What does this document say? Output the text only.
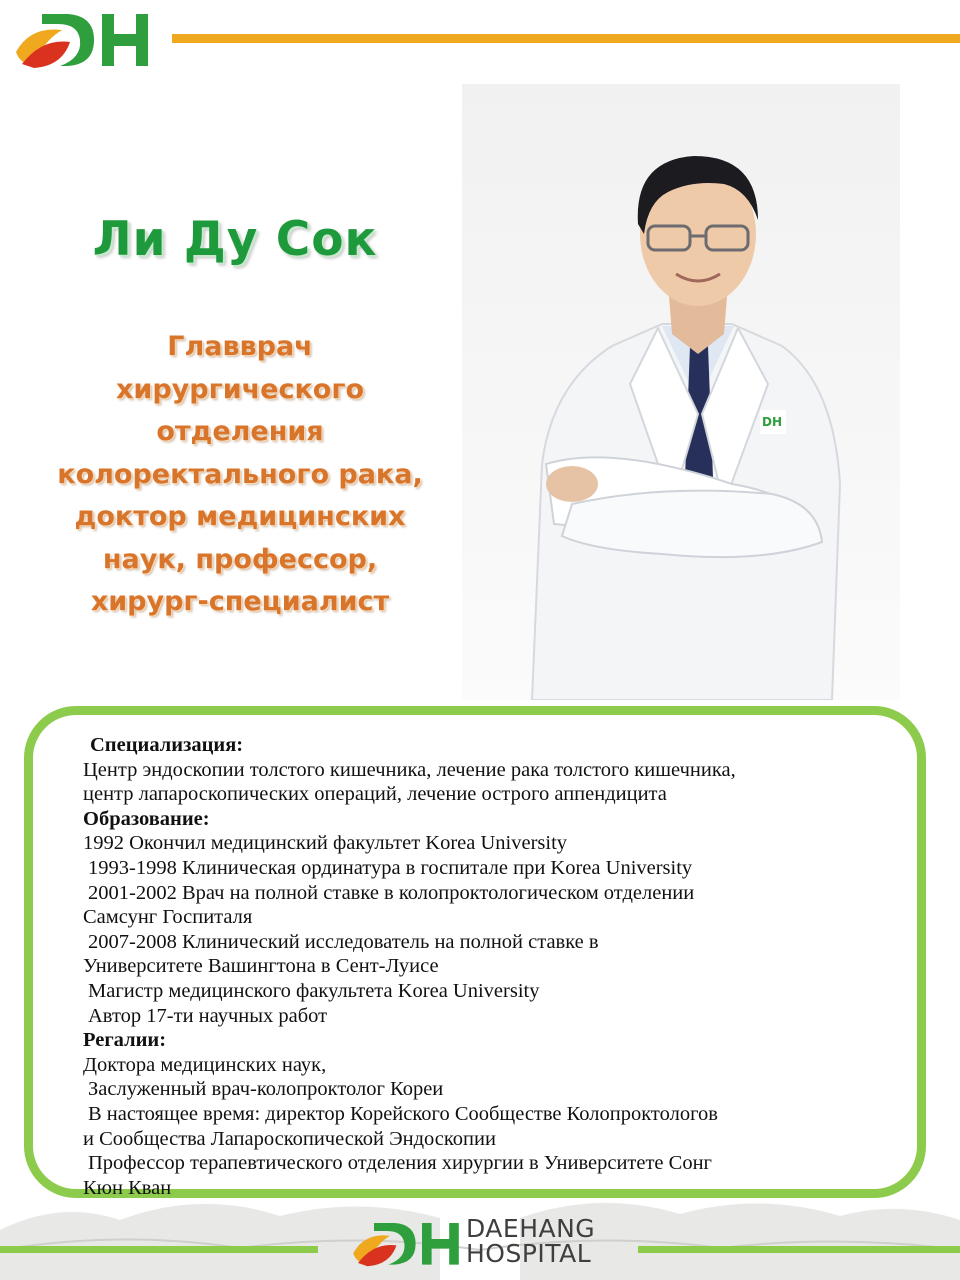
DH
DH
Ли Ду Сок
Главврач
хирургического
отделения
колоректального рака,
доктор медицинских
наук, профессор,
хирург-специалист
Специализация:
Центр эндоскопии толстого кишечника, лечение рака толстого кишечника,
центр лапароскопических операций, лечение острого аппендицита
Образование:
1992 Окончил медицинский факультет Korea University
1993-1998 Клиническая ординатура в госпитале при Korea University
2001-2002 Врач на полной ставке в колопроктологическом отделении
Самсунг Госпиталя
2007-2008 Клинический исследователь на полной ставке в
Университете Вашингтона в Сент-Луисе
Магистр медицинского факультета Korea University
Автор 17-ти научных работ
Регалии:
Доктора медицинских наук,
Заслуженный врач-колопроктолог Кореи
В настоящее время: директор Корейского Сообществе Колопроктологов
и Сообщества Лапароскопической Эндоскопии
Профессор терапевтического отделения хирургии в Университете Сонг
Кюн Кван
DH	DAEHANG
HOSPITAL
